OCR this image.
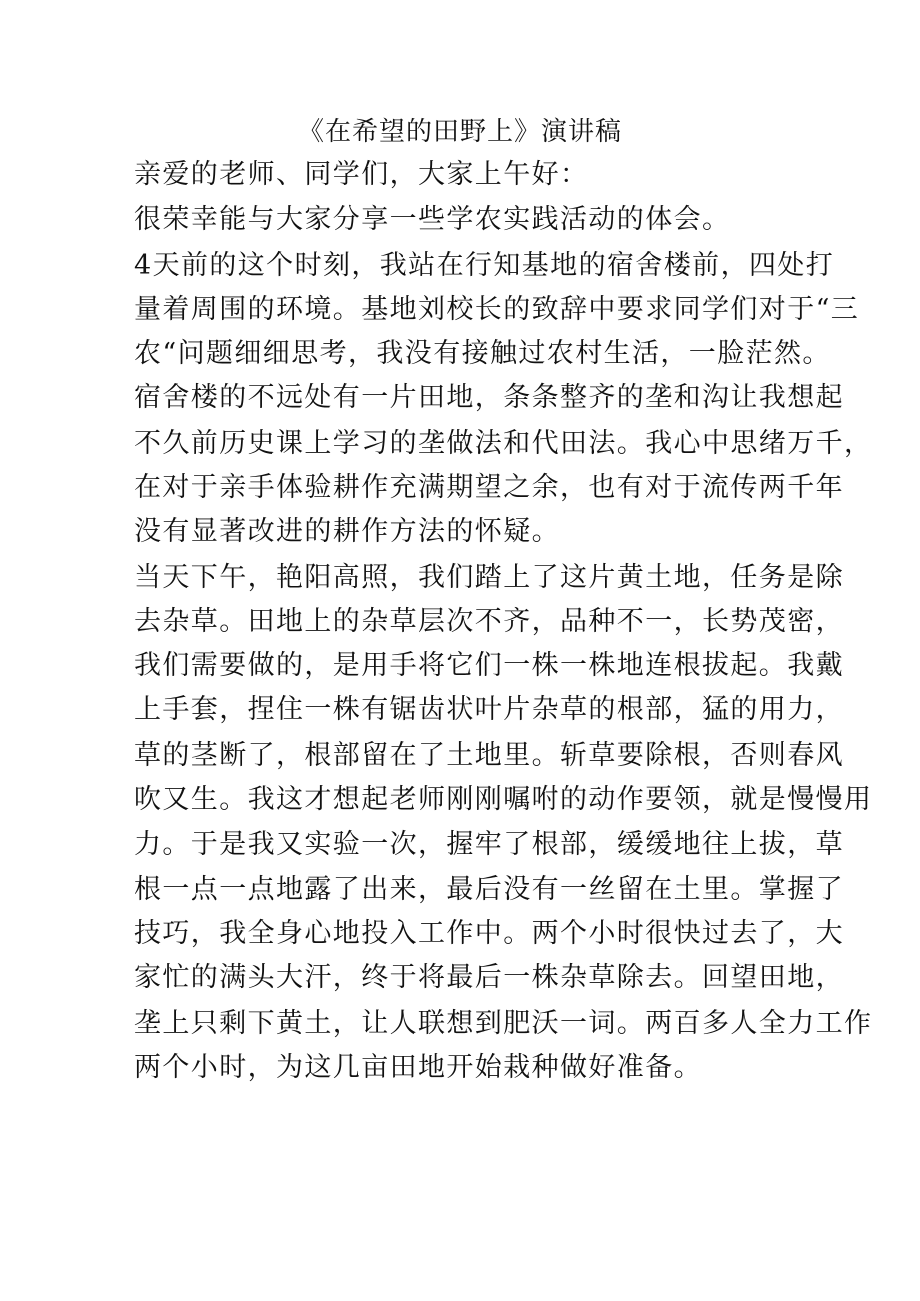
《在希望的田野上》演讲稿
亲爱的老师、同学们，大家上午好：
很荣幸能与大家分享一些学农实践活动的体会。
4天前的这个时刻，我站在行知基地的宿舍楼前，四处打
量着周围的环境。基地刘校长的致辞中要求同学们对于“三
农“问题细细思考，我没有接触过农村生活，一脸茫然。
宿舍楼的不远处有一片田地，条条整齐的垄和沟让我想起
不久前历史课上学习的垄做法和代田法。我心中思绪万千，
在对于亲手体验耕作充满期望之余，也有对于流传两千年
没有显著改进的耕作方法的怀疑。
当天下午，艳阳高照，我们踏上了这片黄土地，任务是除
去杂草。田地上的杂草层次不齐，品种不一，长势茂密，
我们需要做的，是用手将它们一株一株地连根拔起。我戴
上手套，捏住一株有锯齿状叶片杂草的根部，猛的用力，
草的茎断了，根部留在了土地里。斩草要除根，否则春风
吹又生。我这才想起老师刚刚嘱咐的动作要领，就是慢慢用
力。于是我又实验一次，握牢了根部，缓缓地往上拔，草
根一点一点地露了出来，最后没有一丝留在土里。掌握了
技巧，我全身心地投入工作中。两个小时很快过去了，大
家忙的满头大汗，终于将最后一株杂草除去。回望田地，
垄上只剩下黄土，让人联想到肥沃一词。两百多人全力工作
两个小时，为这几亩田地开始栽种做好准备。
